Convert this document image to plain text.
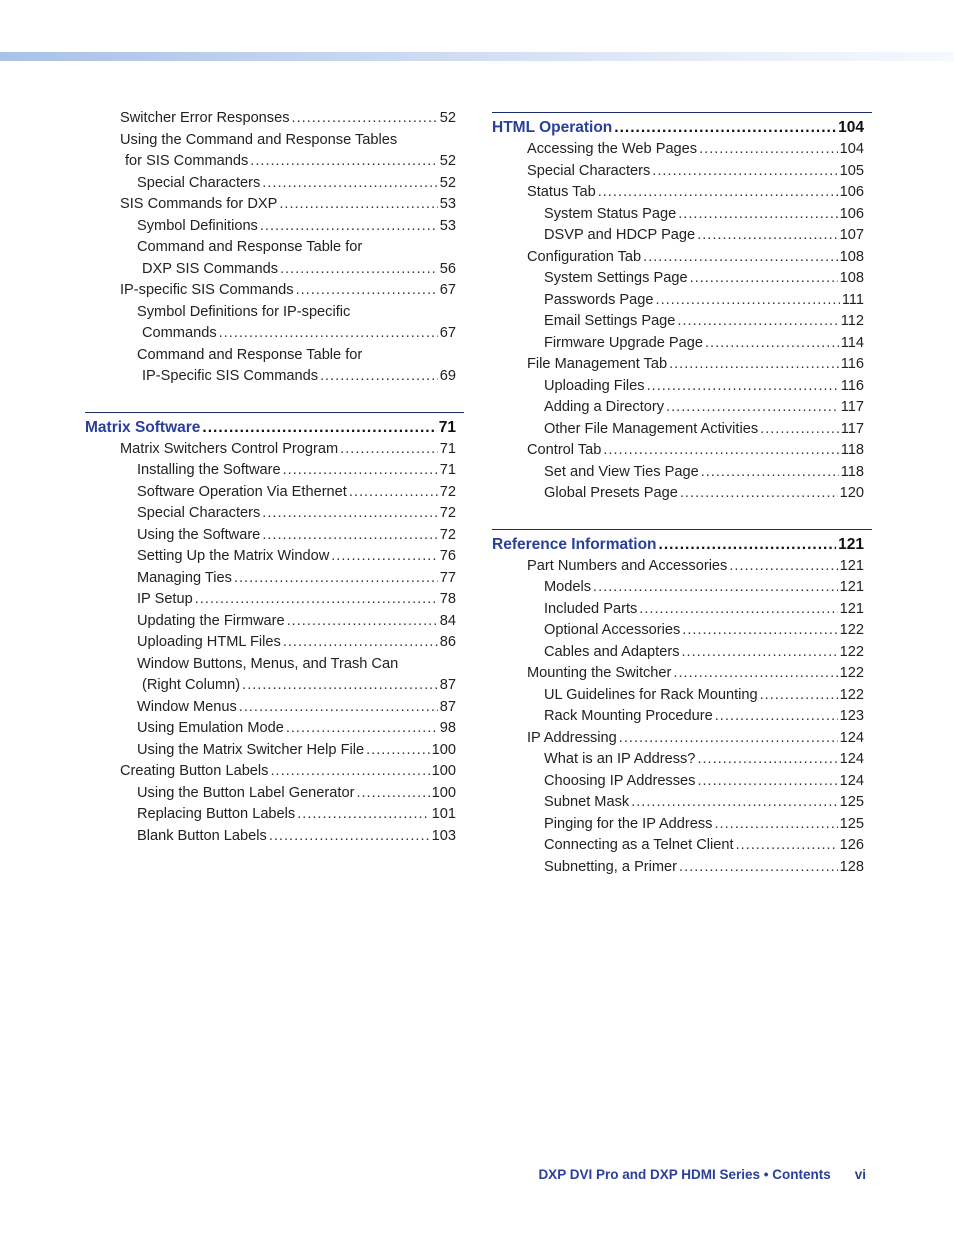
Switcher Error Responses .....	52
Using the Command and Response Tables
for SIS Commands .....	52
Special Characters .....	52
SIS Commands for DXP .....	53
Symbol Definitions .....	53
Command and Response Table for
DXP SIS Commands .....	56
IP-specific SIS Commands .....	67
Symbol Definitions for IP-specific
Commands .....	67
Command and Response Table for
IP-Specific SIS Commands .....	69
Matrix Software .....	71
Matrix Switchers Control Program .....	71
Installing the Software .....	71
Software Operation Via Ethernet .....	72
Special Characters .....	72
Using the Software .....	72
Setting Up the Matrix Window .....	76
Managing Ties .....	77
IP Setup .....	78
Updating the Firmware .....	84
Uploading HTML Files .....	86
Window Buttons, Menus, and Trash Can
(Right Column) .....	87
Window Menus .....	87
Using Emulation Mode .....	98
Using the Matrix Switcher Help File .....	100
Creating Button Labels .....	100
Using the Button Label Generator .....	100
Replacing Button Labels .....	101
Blank Button Labels .....	103
HTML Operation .....	104
Accessing the Web Pages .....	104
Special Characters .....	105
Status Tab .....	106
System Status Page .....	106
DSVP and HDCP Page .....	107
Configuration Tab .....	108
System Settings Page .....	108
Passwords Page .....	111
Email Settings Page .....	112
Firmware Upgrade Page .....	114
File Management Tab .....	116
Uploading Files .....	116
Adding a Directory .....	117
Other File Management Activities .....	117
Control Tab .....	118
Set and View Ties Page .....	118
Global Presets Page .....	120
Reference Information .....	121
Part Numbers and Accessories .....	121
Models .....	121
Included Parts .....	121
Optional Accessories .....	122
Cables and Adapters .....	122
Mounting the Switcher .....	122
UL Guidelines for Rack Mounting .....	122
Rack Mounting Procedure .....	123
IP Addressing .....	124
What is an IP Address? .....	124
Choosing IP Addresses .....	124
Subnet Mask .....	125
Pinging for the IP Address .....	125
Connecting as a Telnet Client .....	126
Subnetting, a Primer .....	128
DXP DVI Pro and DXP HDMI Series • Contents vi
